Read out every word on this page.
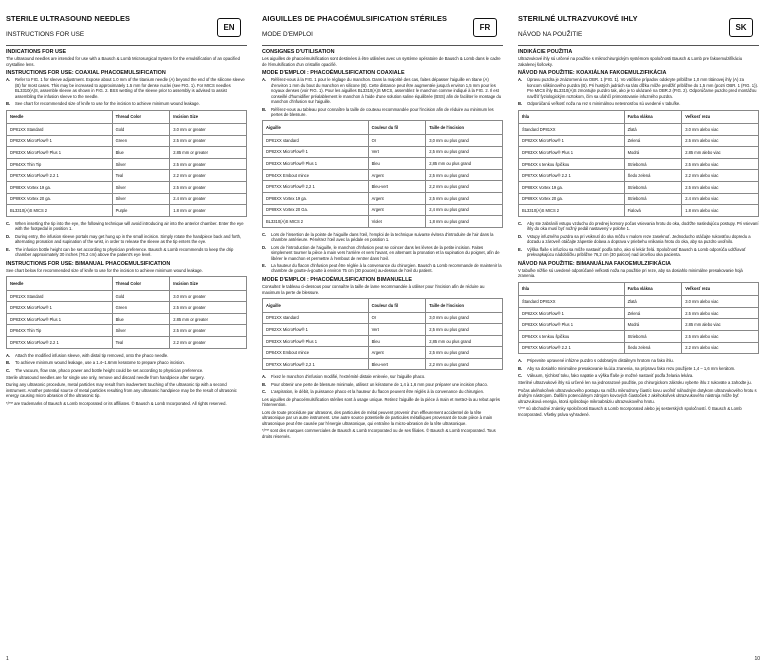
STERILE ULTRASOUND NEEDLES
INSTRUCTIONS FOR USE
EN
INDICATIONS FOR USE

The ultrasound needles are intended for use with a Bausch & Lomb Microsurgical System for the emulsification of an opacified crystalline lens.

INSTRUCTIONS FOR USE: COAXIAL PHACOEMULSIFICATION
A. Refer to FIG. 1 for sleeve adjustment. Expose about 1.0 mm of the titanium needle (A) beyond the end of the silicone sleeve (B) for most cases. This may be increased to approximately 1.5 mm for dense nuclei (see FIG. 1). For MICS needles BL3310(A)S, assemble sleeve as shown in FIG. 2. BSS wetting of the sleeve prior to assembly is advised to assist assembling the infusion sleeve to the needle.
B. See chart for recommended size of knife to use for the incision to achieve minimum wound leakage.
Needle	Thread Color	Incision Size
DP81XX Standard	Gold	3.0 mm or greater
DP82XX MicroFlow® 1	Green	2.5 mm or greater
DP83XX MicroFlow® Plus 1	Blue	2.85 mm or greater
DP84XX Thin Tip	Silver	2.5 mm or greater
DP87XX MicroFlow® 2.2 1	Teal	2.2 mm or greater
DP88XX Vortex 19 ga.	Silver	2.5 mm or greater
DP89XX Vortex 20 ga.	Silver	2.4 mm or greater
BL3310(A)S MICS 2	Purple	1.8 mm or greater
C. When inserting the tip into the eye, the following technique will avoid introducing air into the anterior chamber. Enter the eye with the footpedal in position 1.
D. During entry, the infusion sleeve portals may get hung up in the small incision. Simply rotate the handpiece back and forth, alternating pronation and supination of the wrist, in order to release the sleeve as the tip enters the eye.
E. The infusion bottle height can be set according to physician preference. Bausch & Lomb recommends to keep the drip chamber approximately 30 inches (76.2 cm) above the patient's eye level.
INSTRUCTIONS FOR USE: BIMANUAL PHACOEMULSIFICATION

See chart below for recommended size of knife to use for the incision to achieve minimum wound leakage.

Needle	Thread Color	Incision Size
DP81XX Standard	Gold	3.0 mm or greater
DP82XX MicroFlow® 1	Green	2.5 mm or greater
DP83XX MicroFlow® Plus 1	Blue	2.85 mm or greater
DP84XX Thin Tip	Silver	2.5 mm or greater
DP87XX MicroFlow® 2.2 1	Teal	2.2 mm or greater
A. Attach the modified infusion sleeve, with distal tip removed, onto the phaco needle.
B. To achieve minimum wound leakage, use a 1.4–1.6mm keratome to prepare phaco incision.
C. The vacuum, flow rate, phaco power and bottle height could be set according to physician preference.

Sterile ultrasound needles are for single use only, remove and discard needle from handpiece after surgery.

During any ultrasonic procedure, metal particles may result from inadvertent touching of the ultrasonic tip with a second instrument. Another potential source of metal particles resulting from any ultrasonic handpiece may be the result of ultrasonic energy causing micro abrasion of the ultrasonic tip.

*/™ are trademarks of Bausch & Lomb Incorporated or its affiliates. © Bausch & Lomb Incorporated. All rights reserved.

AIGUILLES DE PHACOÉMULSIFICATION STÉRILES
MODE D'EMPLOI
FR
CONSIGNES D'UTILISATION

Les aiguilles de phacoémulsification sont destinées à être utilisées avec un système opératoire de Bausch & Lomb dans le cadre de l'émulsification d'un cristallin opacifié.

MODE D'EMPLOI : PHACOÉMULSIFICATION COAXIALE
A. Référez-vous à la FIG. 1 pour le réglage du manchon. Dans la majorité des cas, faites dépasser l'aiguille en titane (A) d'environ 1 mm du bout du manchon en silicone (B). Cette distance peut être augmentée jusqu'à environ 1,5 mm pour les noyaux denses (voir FIG. 1). Pour les aiguilles BL3310(A)S MICS, assemblez le manchon comme indiqué à la FIG. 2. Il est conseillé d'humidifier préalablement le manchon à l'aide d'une solution saline équilibrée (BSS) afin de faciliter le montage du manchon d'infusion sur l'aiguille.
B. Référez-vous au tableau pour connaître la taille de couteau recommandée pour l'incision afin de réduire au minimum les pertes de blessure.
Aiguille	Couleur du fil	Taille de l'incision
DP81XX standard	Or	3,0 mm ou plus grand
DP82XX MicroFlow® 1	Vert	2,5 mm ou plus grand
DP83XX MicroFlow® Plus 1	Bleu	2,85 mm ou plus grand
DP84XX Embout mince	Argent	2,5 mm ou plus grand
DP87XX MicroFlow® 2,2 1	Bleu-vert	2,2 mm ou plus grand
DP88XX Vortex 19 ga.	Argent	2,5 mm ou plus grand
DP89XX Vortex 20 Ga.	Argent	2,4 mm ou plus grand
BL3310(A)S MICS 2	Violet	1,8 mm ou plus grand
C. Lors de l'insertion de la pointe de l'aiguille dans l'œil, l'emploi de la technique suivante évitera d'introduire de l'air dans la chambre antérieure. Pénétrez l'œil avec la pédale en position 1.
D. Lors de l'introduction de l'aiguille, le manchon d'infusion peut se coincer dans les lèvres de la petite incision. Faites simplement tourner la pièce à main vers l'arrière et vers l'avant, en alternant la pronation et la supination du poignet, afin de libérer le manchon et permettre à l'embout de rentrer dans l'œil.
E. La hauteur du flacon d'infusion peut être réglée à la convenance du chirurgien. Bausch & Lomb recommande de maintenir la chambre de goutte-à-goutte à environ 75 cm (30 pouces) au-dessus de l'œil du patient.
MODE D'EMPLOI : PHACOÉMULSIFICATION BIMANUELLE

Consultez le tableau ci-dessous pour connaître la taille de lame recommandée à utiliser pour l'incision afin de réduire au maximum la perte de blessure.

Aiguille	Couleur du fil	Taille de l'incision
DP81XX standard	Or	3,0 mm ou plus grand
DP82XX MicroFlow® 1	Vert	2,5 mm ou plus grand
DP83XX MicroFlow® Plus 1	Bleu	2,85 mm ou plus grand
DP84XX Embout mince	Argent	2,5 mm ou plus grand
DP87XX MicroFlow® 2,2 1	Bleu-vert	2,2 mm ou plus grand
A. Fixez le manchon d'infusion modifié, l'extrémité distale enlevée, sur l'aiguille phaco.
B. Pour obtenir une perte de blessure minimale, utilisez un kératome de 1,4 à 1,6 mm pour préparer une incision phaco.
C. L'aspiration, le débit, la puissance phaco et la hauteur du flacon peuvent être réglés à la convenance du chirurgien.

Les aiguilles de phacoémulsification stériles sont à usage unique. Retirez l'aiguille de la pièce à main et mettez-la au rebut après l'intervention.

Lors de toute procédure par ultrasons, des particules de métal peuvent provenir d'un effleurement accidentel de la tête ultrasonique par un autre instrument. Une autre source potentielle de particules métalliques provenant de toute pièce à main ultrasonique peut être causée par l'énergie ultrasonique, qui entraîne la micro-abrasion de la tête ultrasonique.

*/™ sont des marques commerciales de Bausch & Lomb Incorporated ou de ses filiales. © Bausch & Lomb Incorporated. Tous droits réservés.

STERILNÉ ULTRAZVUKOVÉ IHLY
NÁVOD NA POUŽITIE
SK
INDIKÁCIE POUŽITIA

Ultrazvukové ihly sú určené na použitie s mikrochirurgickým systémom spoločnosti Bausch & Lomb pre fakoemulzifikáciu zakalenej šošovky.

NÁVOD NA POUŽITIE: KOAXIÁLNA FAKOEMULZIFIKÁCIA
A. Úpravu puzdra je znázornená na OBR. 1 (FIG. 1). Vo väčšine prípadov odokryte približne 1,0 mm titánovej ihly (A) za koncom silikónového puzdra (B). Pri hustých jadrách sa táto dĺžka môže predlžiť približne do 1,5 mm (pozri OBR. 1 (FIG. 1)). Pre MICS ihly BL3310(A)S zmontujte puzdro tak, ako je to ukázané na OBR.2 (FIG. 2). Odporúčame puzdro pred montážou navlžiť fyziologickým roztokom, čím sa uľahčí primontovanie infuzného puzdra.
B. Odporúčanú veľkosť noža na rez s minimálnou netesnosťou sú uvedené v tabuľke.
Ihla	Farba vlákna	Veľkosť rezu
Štandard DP81XX	Zlatá	3.0 mm alebo viac
DP82XX MicroFlow® 1	Zelená	2.5 mm alebo viac
DP83XX MicroFlow® Plus 1	Modrá	2.85 mm alebo viac
DP84XX s tenkou špičkou	Strieborná	2.5 mm alebo viac
DP87XX MicroFlow® 2.2 1	Šedo zelená	2.2 mm alebo viac
DP88XX Vortex 19 ga.	Strieborná	2.5 mm alebo viac
DP89XX Vortex 20 ga.	Strieborná	2.4 mm alebo viac
BL3310(A)S MICS 2	Fialová	1.8 mm alebo viac
C. Aby ste zabránili vstupu vzduchu do prednej komory počas vsievania hrotu do oka, dodržte nasledujúcu postupy. Pri vsievaní ihly do oka musí byť nožný pedál nastavený v polohe 1.
D. Vstupy infuzného puzdra sa pri vsiknutí do oka môžu v malom reze zaseknuť. Jednoducho otáčajte rukoväťou dopredu a dozadu a zároveň otáčajte zápestie dolava a doprava v priebehu vnikania hrotu do oka, aby sa puzdro uvoľnilo.
E. Výška fľaše s infuzíou sa môže nastaviť podľa toho, ako si lekár želá. Spoločnosť Bausch & Lomb odporúča udržiavať prekvapkajúcu nádobôčku približne 76,2 cm (30 palcov) nad úrovňou oka pacienta.
NÁVOD NA POUŽITIE: BIMANUÁLNA FAKOEMULZIFIKÁCIA

V tabuľke nižšie sú uvedené odporúčané veľkosti noža na použitie pri reze, aby sa dosiahlo minimálne presakovanie hojá zranenia.

Ihla	Farba vlákna	Veľkosť rezu
Štandard DP81XX	Zlatá	3.0 mm alebo viac
DP82XX MicroFlow® 1	Zelená	2.5 mm alebo viac
DP83XX MicroFlow® Plus 1	Modrá	2.85 mm alebo viac
DP84XX s tenkou špičkou	Strieborná	2.5 mm alebo viac
DP87XX MicroFlow® 2.2 1	Šedo zelená	2.2 mm alebo viac
A. Pripevnite upravené infúzne puzdro s odobratým distálnym hrotom na fako ihlu.
B. Aby sa dosiahlo minimálne presakovanie kĿúċa zranenia, na prípravu fako rezu použijete 1,4 – 1,6 mm kerátom.
C. Vákuum, rýchlosť toku, fako napätie a výška fľaše je možné nastaviť podľa želania lekára.

Sterilné ultrazvukové ihly sú určené len na jednorazové použitie, po chirurgickom zákroku vyberte ihlu z rukoväte a zahodte ju.

Počas akéhokoľvek ultrazvukového postupu sa môžu mikrodrony čiastíc kovu uvoľniť náhodným dotykom ultrazvukového hrotu s druhým nástrojom. Ďalším potenciálnym zdrojom kovových čiastočiek z akéhokoľvek ultrazvukového nástroja môže byť ultrazvuková energia, ktorá spôsobuje mikroabráziu ultrazvukového hrotu.

*/™ sú obchodné známky spoločnosti Bausch & Lomb Incorporated alebo jej sesterských spoločností. © Bausch & Lomb Incorporated. Všetky práva vyhradené.

1	10
